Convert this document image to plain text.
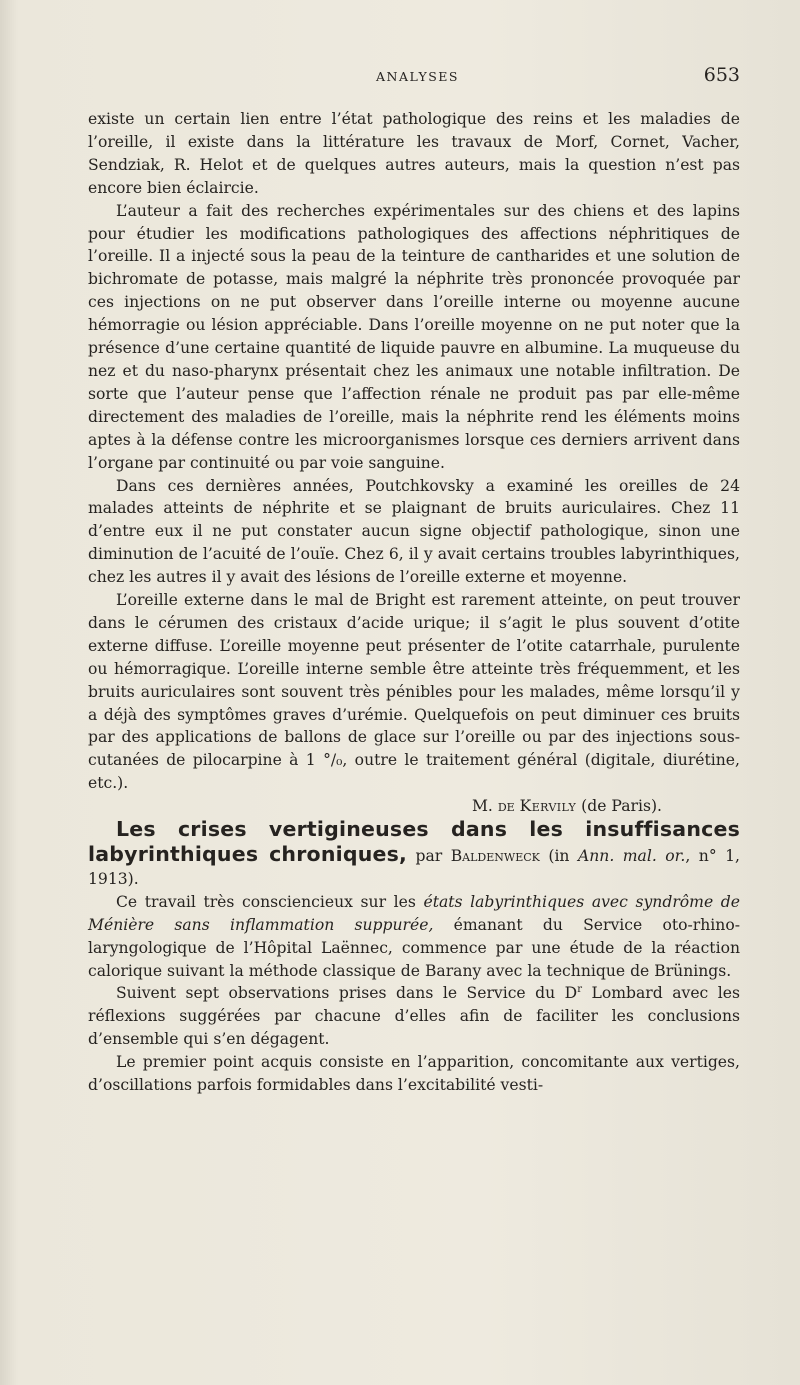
ANALYSES	653

existe un certain lien entre l’état pathologique des reins et les maladies de l’oreille, il existe dans la littérature les travaux de Morf, Cornet, Vacher, Sendziak, R. Helot et de quelques autres auteurs, mais la question n’est pas encore bien éclaircie.

L’auteur a fait des recherches expérimentales sur des chiens et des lapins pour étudier les modifications pathologiques des affections néphritiques de l’oreille. Il a injecté sous la peau de la teinture de cantharides et une solution de bichromate de potasse, mais malgré la néphrite très prononcée provoquée par ces injections on ne put observer dans l’oreille interne ou moyenne aucune hémorragie ou lésion appréciable. Dans l’oreille moyenne on ne put noter que la présence d’une certaine quantité de liquide pauvre en albumine. La muqueuse du nez et du naso-pharynx présentait chez les animaux une notable infiltration. De sorte que l’auteur pense que l’affection rénale ne produit pas par elle-même directement des maladies de l’oreille, mais la néphrite rend les éléments moins aptes à la défense contre les microorganismes lorsque ces derniers arrivent dans l’organe par continuité ou par voie sanguine.

Dans ces dernières années, Poutchkovsky a examiné les oreilles de 24 malades atteints de néphrite et se plaignant de bruits auriculaires. Chez 11 d’entre eux il ne put constater aucun signe objectif pathologique, sinon une diminution de l’acuité de l’ouïe. Chez 6, il y avait certains troubles labyrinthiques, chez les autres il y avait des lésions de l’oreille externe et moyenne.

L’oreille externe dans le mal de Bright est rarement atteinte, on peut trouver dans le cérumen des cristaux d’acide urique; il s’agit le plus souvent d’otite externe diffuse. L’oreille moyenne peut présenter de l’otite catarrhale, purulente ou hémorragique. L’oreille interne semble être atteinte très fréquemment, et les bruits auriculaires sont souvent très pénibles pour les malades, même lorsqu’il y a déjà des symptômes graves d’urémie. Quelquefois on peut diminuer ces bruits par des applications de ballons de glace sur l’oreille ou par des injections sous-cutanées de pilocarpine à 1 °/₀, outre le traitement général (digitale, diurétine, etc.).

M. de Kervily (de Paris).

Les crises vertigineuses dans les insuffisances labyrinthiques chroniques, par Baldenweck (in Ann. mal. or., n° 1, 1913).

Ce travail très consciencieux sur les états labyrinthiques avec syndrôme de Ménière sans inflammation suppurée, émanant du Service oto-rhino-laryngologique de l’Hôpital Laënnec, commence par une étude de la réaction calorique suivant la méthode classique de Barany avec la technique de Brünings.

Suivent sept observations prises dans le Service du $D^r$ Lombard avec les réflexions suggérées par chacune d’elles afin de faciliter les conclusions d’ensemble qui s’en dégagent.

Le premier point acquis consiste en l’apparition, concomitante aux vertiges, d’oscillations parfois formidables dans l’excitabilité vesti-
